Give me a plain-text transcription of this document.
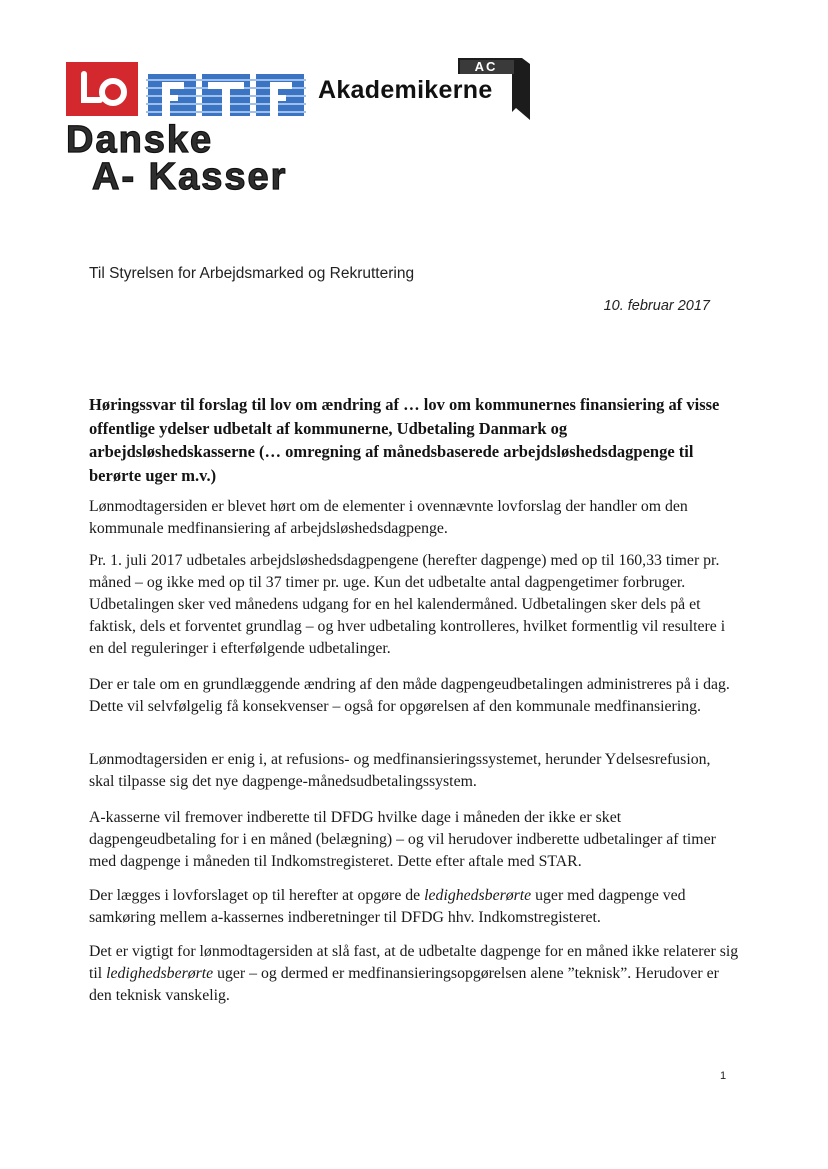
Akademikerne
AC
Danske
A- Kasser
Til Styrelsen for Arbejdsmarked og Rekruttering
10. februar 2017
Høringssvar til forslag til lov om ændring af … lov om kommunernes finansiering af visse offentlige ydelser udbetalt af kommunerne, Udbetaling Danmark og arbejdsløshedskasserne (… omregning af månedsbaserede arbejdsløshedsdagpenge til berørte uger m.v.)
Lønmodtagersiden er blevet hørt om de elementer i ovennævnte lovforslag der handler om den kommunale medfinansiering af arbejdsløshedsdagpenge.
Pr. 1. juli 2017 udbetales arbejdsløshedsdagpengene (herefter dagpenge) med op til 160,33 timer pr. måned – og ikke med op til 37 timer pr. uge. Kun det udbetalte antal dagpengetimer forbruger. Udbetalingen sker ved månedens udgang for en hel kalendermåned. Udbetalingen sker dels på et faktisk, dels et forventet grundlag – og hver udbetaling kontrolleres, hvilket formentlig vil resultere i en del reguleringer i efterfølgende udbetalinger.
Der er tale om en grundlæggende ændring af den måde dagpengeudbetalingen administreres på i dag. Dette vil selvfølgelig få konsekvenser – også for opgørelsen af den kommunale medfinansiering.
Lønmodtagersiden er enig i, at refusions- og medfinansieringssystemet, herunder Ydelsesrefusion, skal tilpasse sig det nye dagpenge-månedsudbetalingssystem.
A-kasserne vil fremover indberette til DFDG hvilke dage i måneden der ikke er sket dagpengeudbetaling for i en måned (belægning) – og vil herudover indberette udbetalinger af timer med dagpenge i måneden til Indkomstregisteret. Dette efter aftale med STAR.
Der lægges i lovforslaget op til herefter at opgøre de ledighedsberørte uger med dagpenge ved samkøring mellem a-kassernes indberetninger til DFDG hhv. Indkomstregisteret.
Det er vigtigt for lønmodtagersiden at slå fast, at de udbetalte dagpenge for en måned ikke relaterer sig til ledighedsberørte uger – og dermed er medfinansieringsopgørelsen alene ”teknisk”. Herudover er den teknisk vanskelig.
1
